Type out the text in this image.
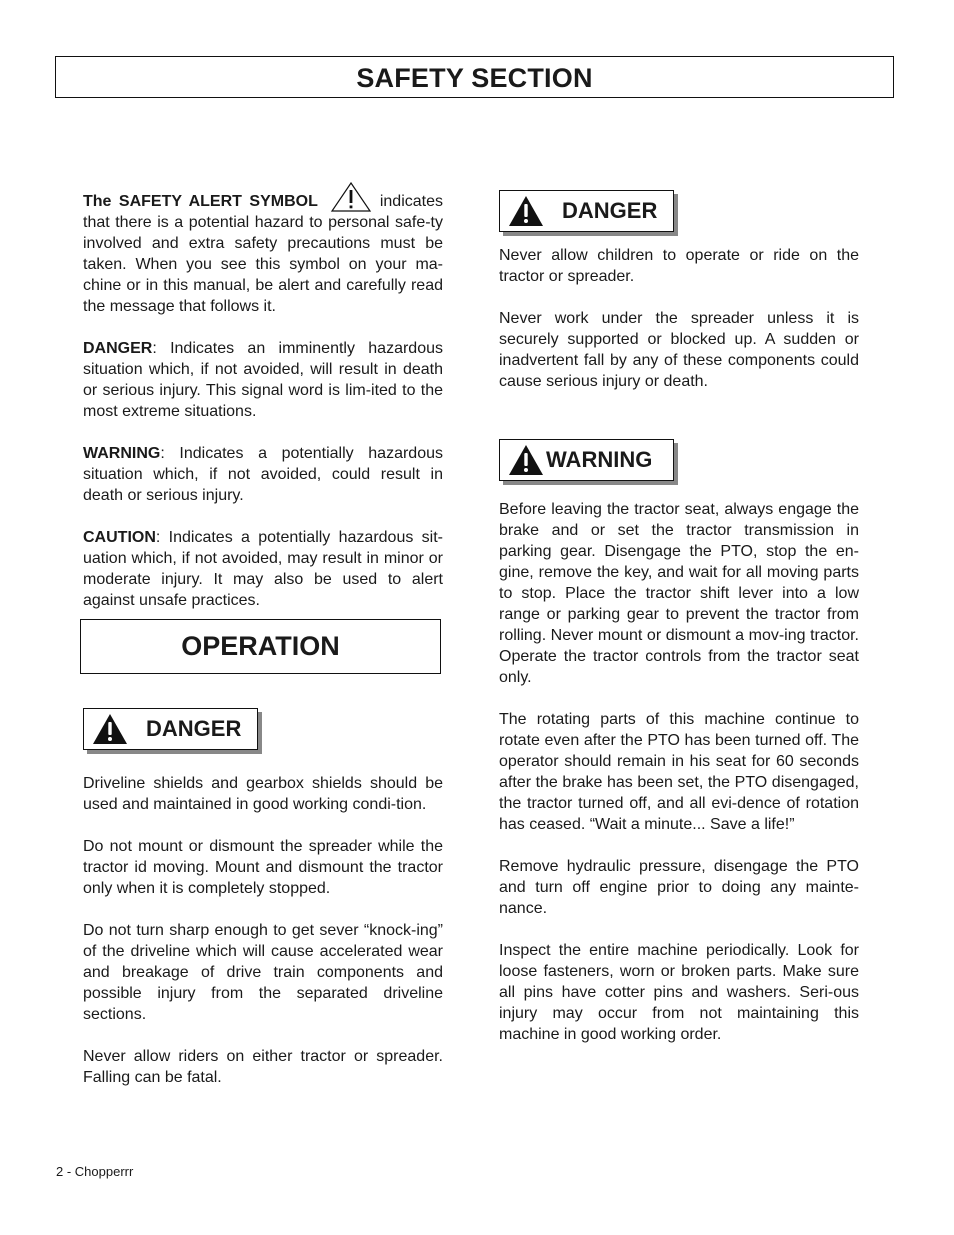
SAFETY SECTION

The SAFETY ALERT SYMBOL	indicates that there is a potential hazard to personal safe-ty involved and extra safety precautions must be taken. When you see this symbol on your ma-chine or in this manual, be alert and carefully read the message that follows it.

DANGER: Indicates an imminently hazardous situation which, if not avoided, will result in death or serious injury. This signal word is lim-ited to the most extreme situations.

WARNING: Indicates a potentially hazardous situation which, if not avoided, could result in death or serious injury.

CAUTION: Indicates a potentially hazardous sit-uation which, if not avoided, may result in minor or moderate injury. It may also be used to alert against unsafe practices.

OPERATION
DANGER

Driveline shields and gearbox shields should be used and maintained in good working condi-tion.

Do not mount or dismount the spreader while the tractor id moving. Mount and dismount the tractor only when it is completely stopped.

Do not turn sharp enough to get sever “knock-ing” of the driveline which will cause accelerated wear and breakage of drive train components and possible injury from the separated driveline sections.

Never allow riders on either tractor or spreader. Falling can be fatal.

DANGER

Never allow children to operate or ride on the tractor or spreader.

Never work under the spreader unless it is securely supported or blocked up. A sudden or inadvertent fall by any of these components could cause serious injury or death.

WARNING

Before leaving the tractor seat, always engage the brake and or set the tractor transmission in parking gear. Disengage the PTO, stop the en-gine, remove the key, and wait for all moving parts to stop. Place the tractor shift lever into a low range or parking gear to prevent the tractor from rolling. Never mount or dismount a mov-ing tractor. Operate the tractor controls from the tractor seat only.

The rotating parts of this machine continue to rotate even after the PTO has been turned off. The operator should remain in his seat for 60 seconds after the brake has been set, the PTO disengaged, the tractor turned off, and all evi-dence of rotation has ceased. “Wait a minute... Save a life!”

Remove hydraulic pressure, disengage the PTO and turn off engine prior to doing any mainte-nance.

Inspect the entire machine periodically. Look for loose fasteners, worn or broken parts. Make sure all pins have cotter pins and washers. Seri-ous injury may occur from not maintaining this machine in good working order.

2 - Chopperrr
